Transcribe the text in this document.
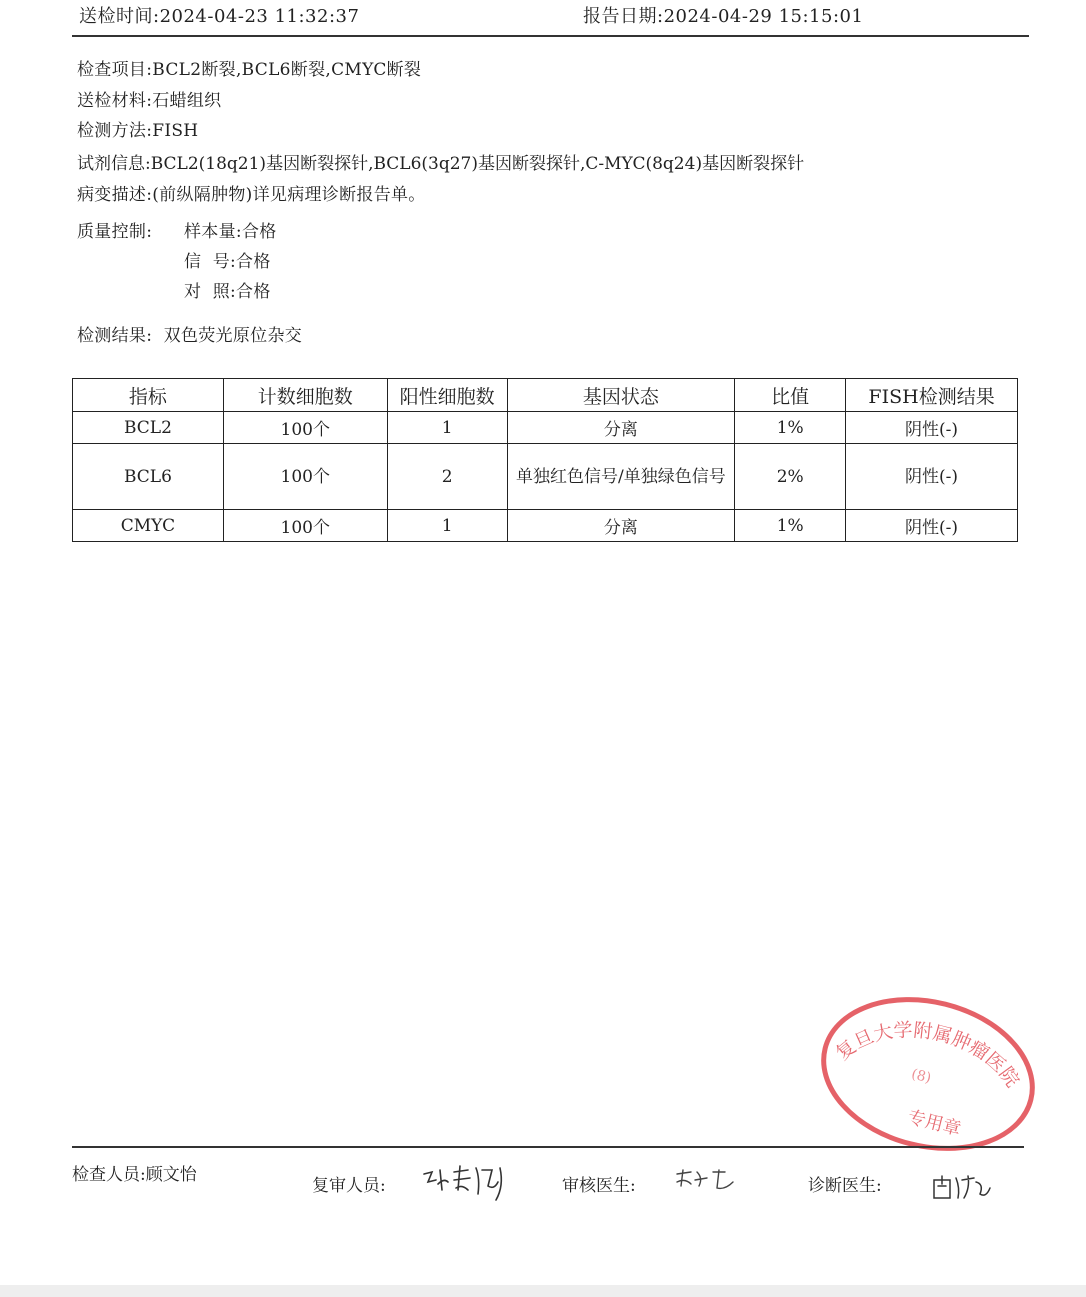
送检时间:2024-04-23 11:32:37	报告日期:2024-04-29 15:15:01
检查项目:BCL2断裂,BCL6断裂,CMYC断裂
送检材料:石蜡组织
检测方法:FISH
试剂信息:BCL2(18q21)基因断裂探针,BCL6(3q27)基因断裂探针,C-MYC(8q24)基因断裂探针
病变描述:(前纵隔肿物)详见病理诊断报告单。
质量控制: 样本量:合格
信  号:合格
对  照:合格
检测结果: 双色荧光原位杂交
指标	计数细胞数	阳性细胞数	基因状态	比值	FISH检测结果
BCL2	100个	1	分离	1%	阴性(-)
BCL6	100个	2	单独红色信号/单独绿色信号	2%	阴性(-)
CMYC	100个	1	分离	1%	阴性(-)
复旦大学附属肿瘤医院
(8)
专用章
检查人员:顾文怡
复审人员:	审核医生:	诊断医生:
